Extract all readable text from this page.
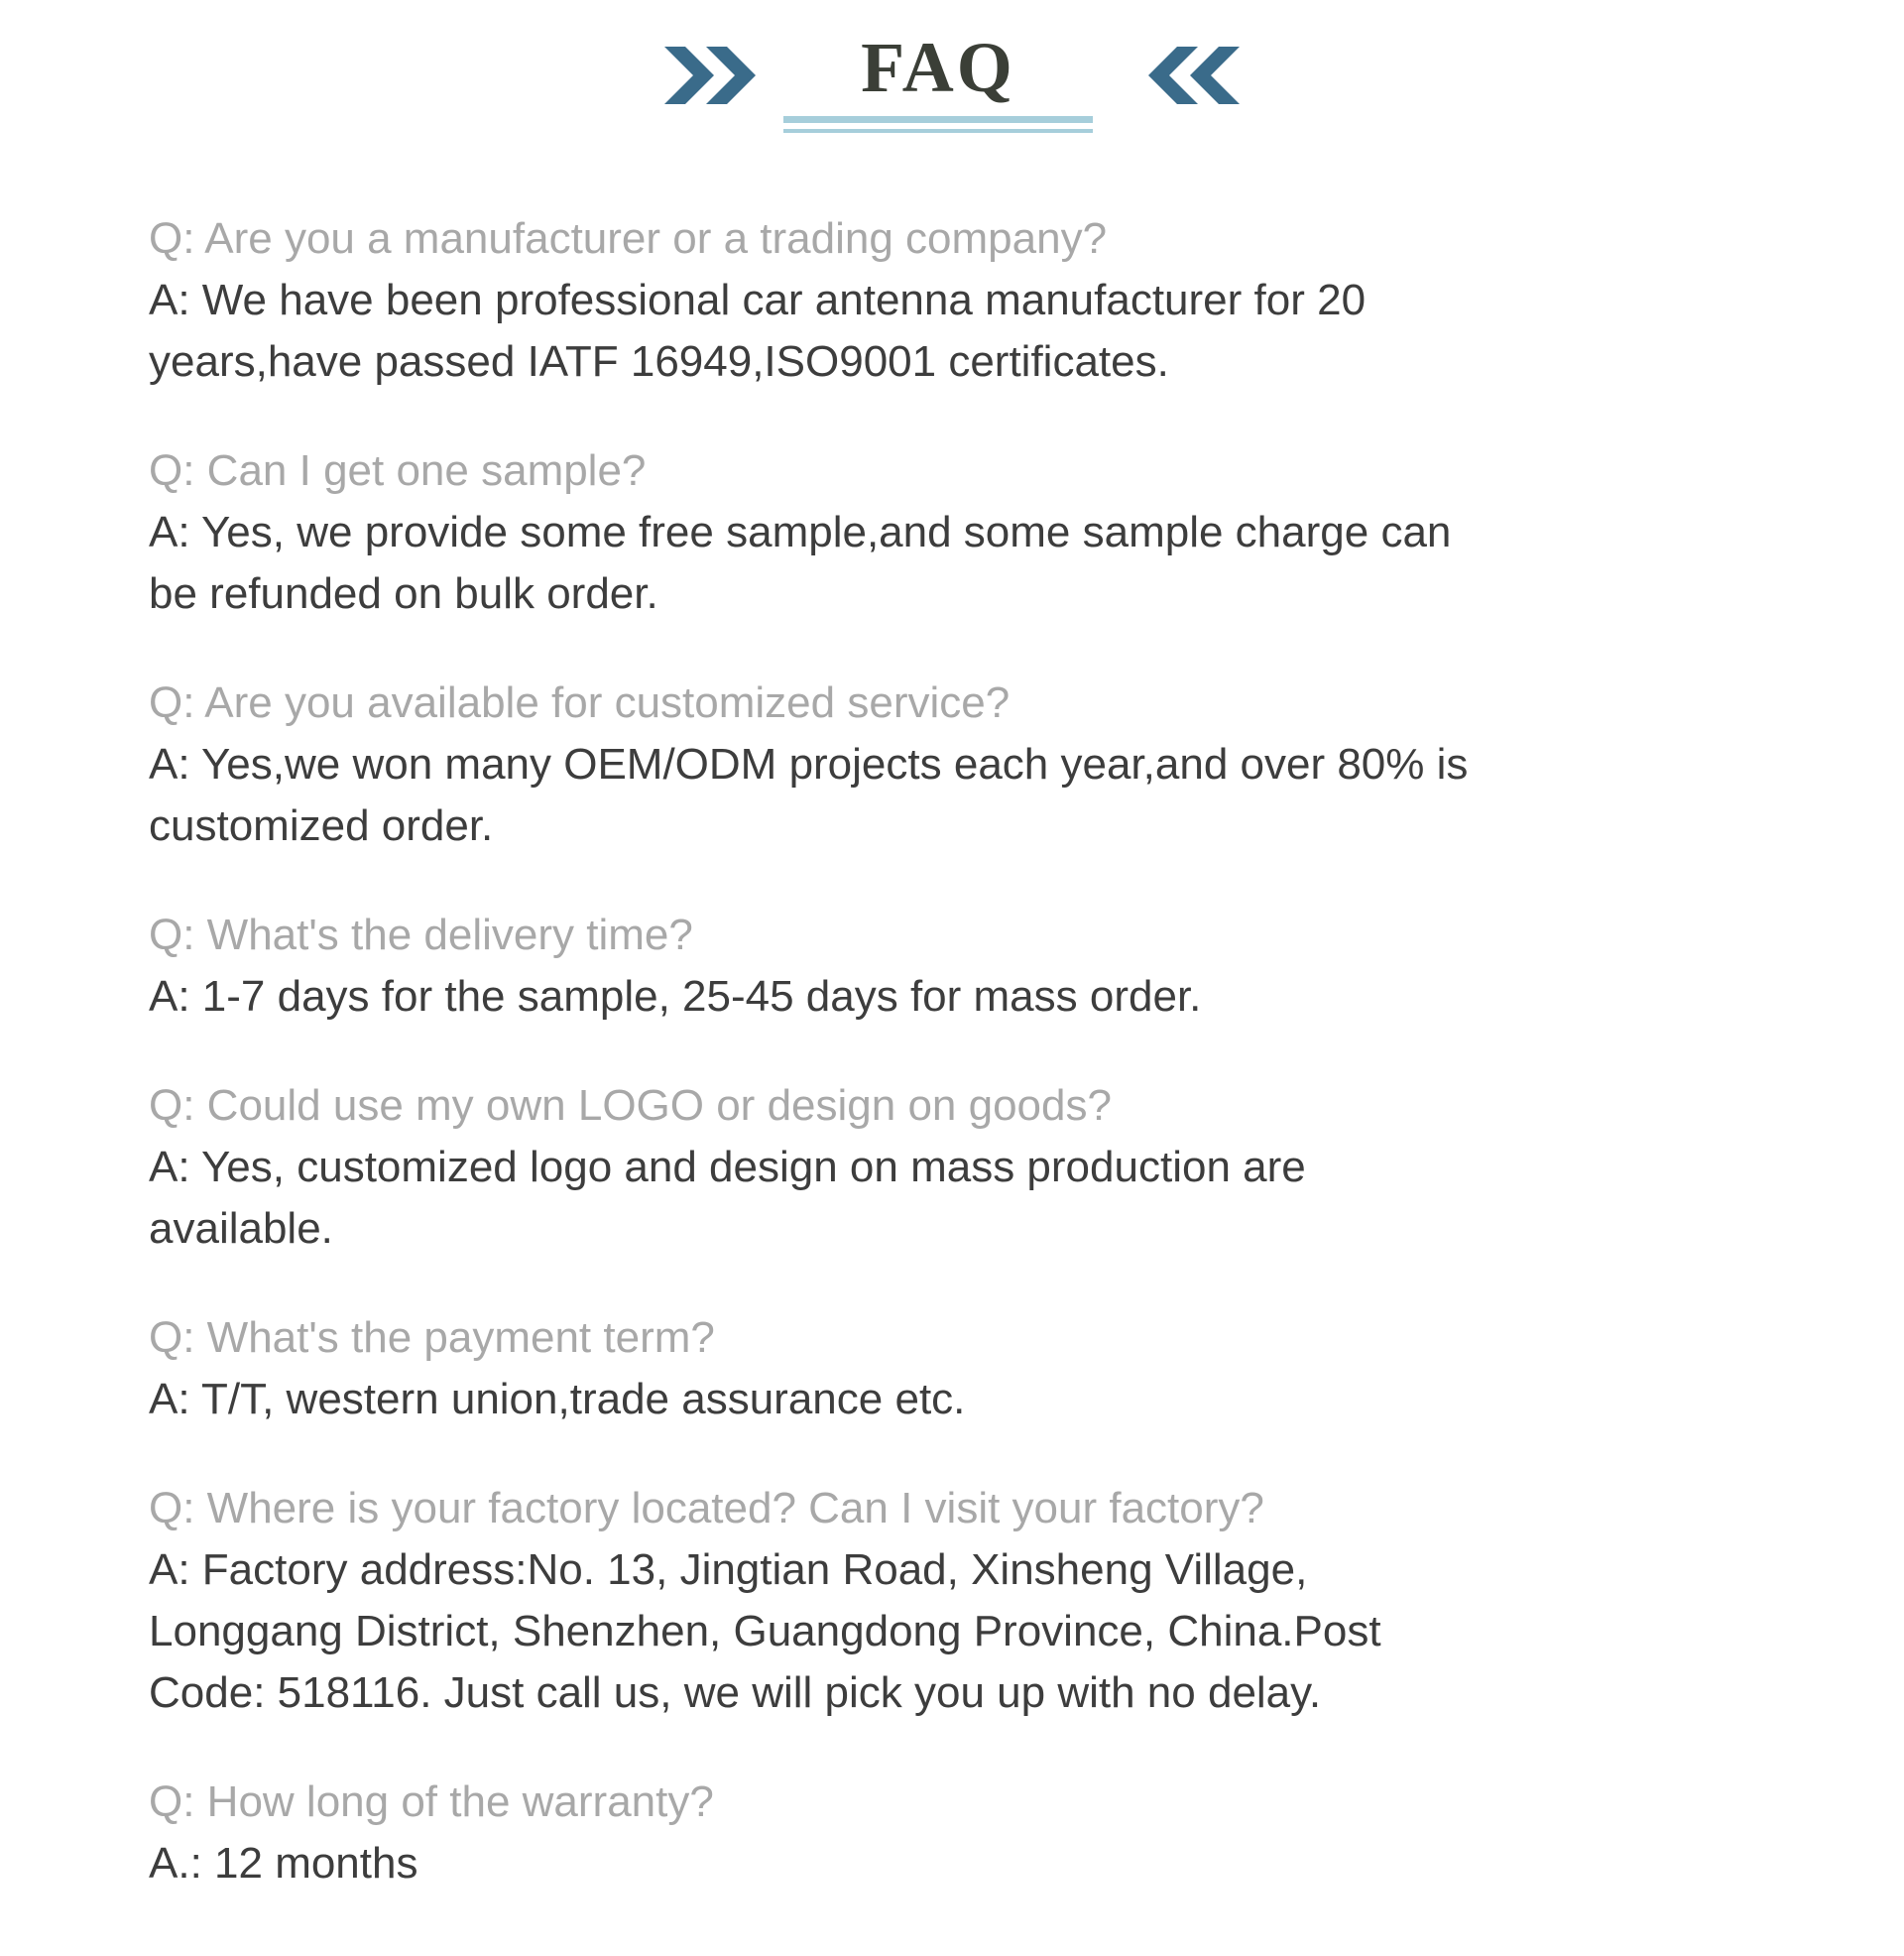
FAQ
Q: Are you a manufacturer or a trading company?
A: We have been professional car antenna manufacturer for 20
years,have passed IATF 16949,ISO9001 certificates.
Q: Can I get one sample?
A: Yes, we provide some free sample,and some sample charge can
be refunded on bulk order.
Q: Are you available for customized service?
A: Yes,we won many OEM/ODM projects each year,and over 80% is
customized order.
Q: What's the delivery time?
A: 1-7 days for the sample, 25-45 days for mass order.
Q: Could use my own LOGO or design on goods?
A: Yes, customized logo and design on mass production are
available.
Q: What's the payment term?
A: T/T, western union,trade assurance etc.
Q: Where is your factory located? Can I visit your factory?
A: Factory address:No. 13, Jingtian Road, Xinsheng Village,
Longgang District, Shenzhen, Guangdong Province, China.Post
Code: 518116. Just call us, we will pick you up with no delay.
Q: How long of the warranty?
A.: 12 months
